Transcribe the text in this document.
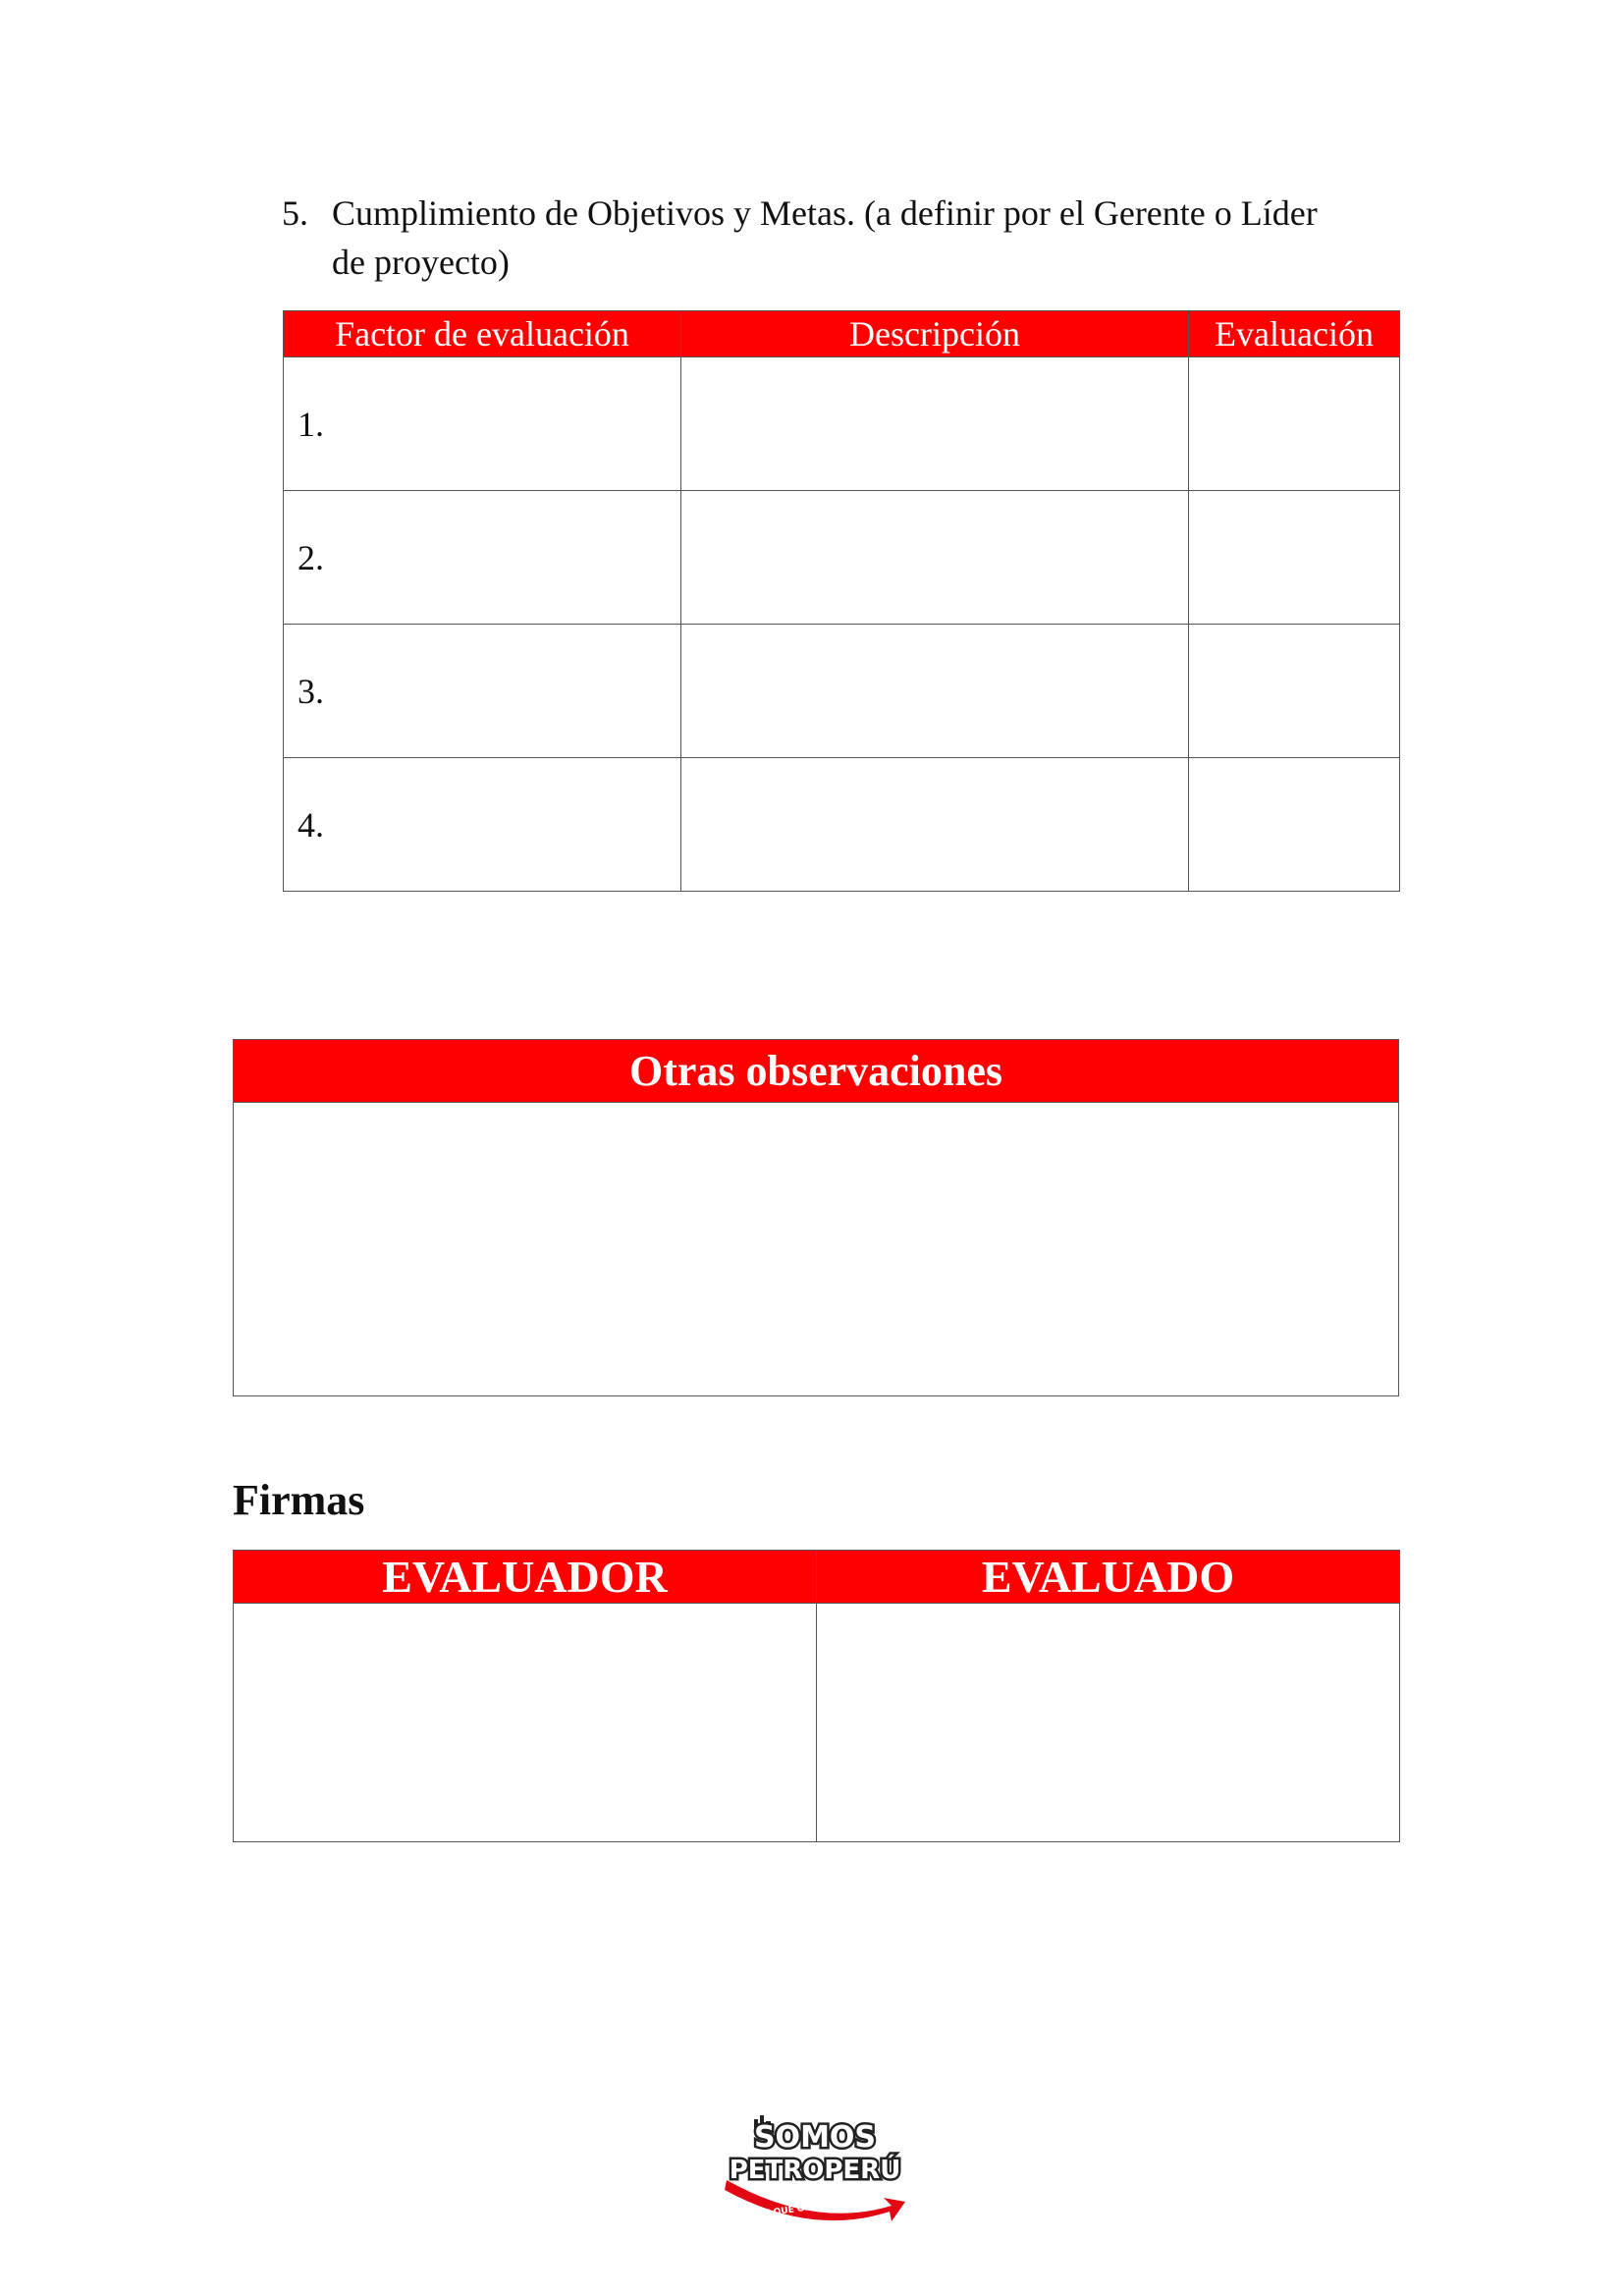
5. Cumplimiento de Objetivos y Metas. (a definir por el Gerente o Líder de proyecto)
Factor de evaluación	Descripción	Evaluación
1.		
2.		
3.		
4.		
Otras observaciones

Firmas
EVALUADOR	EVALUADO

SOMOS
PETROPERÚ
UNIÓN QUE GENERA ENERGÍA
